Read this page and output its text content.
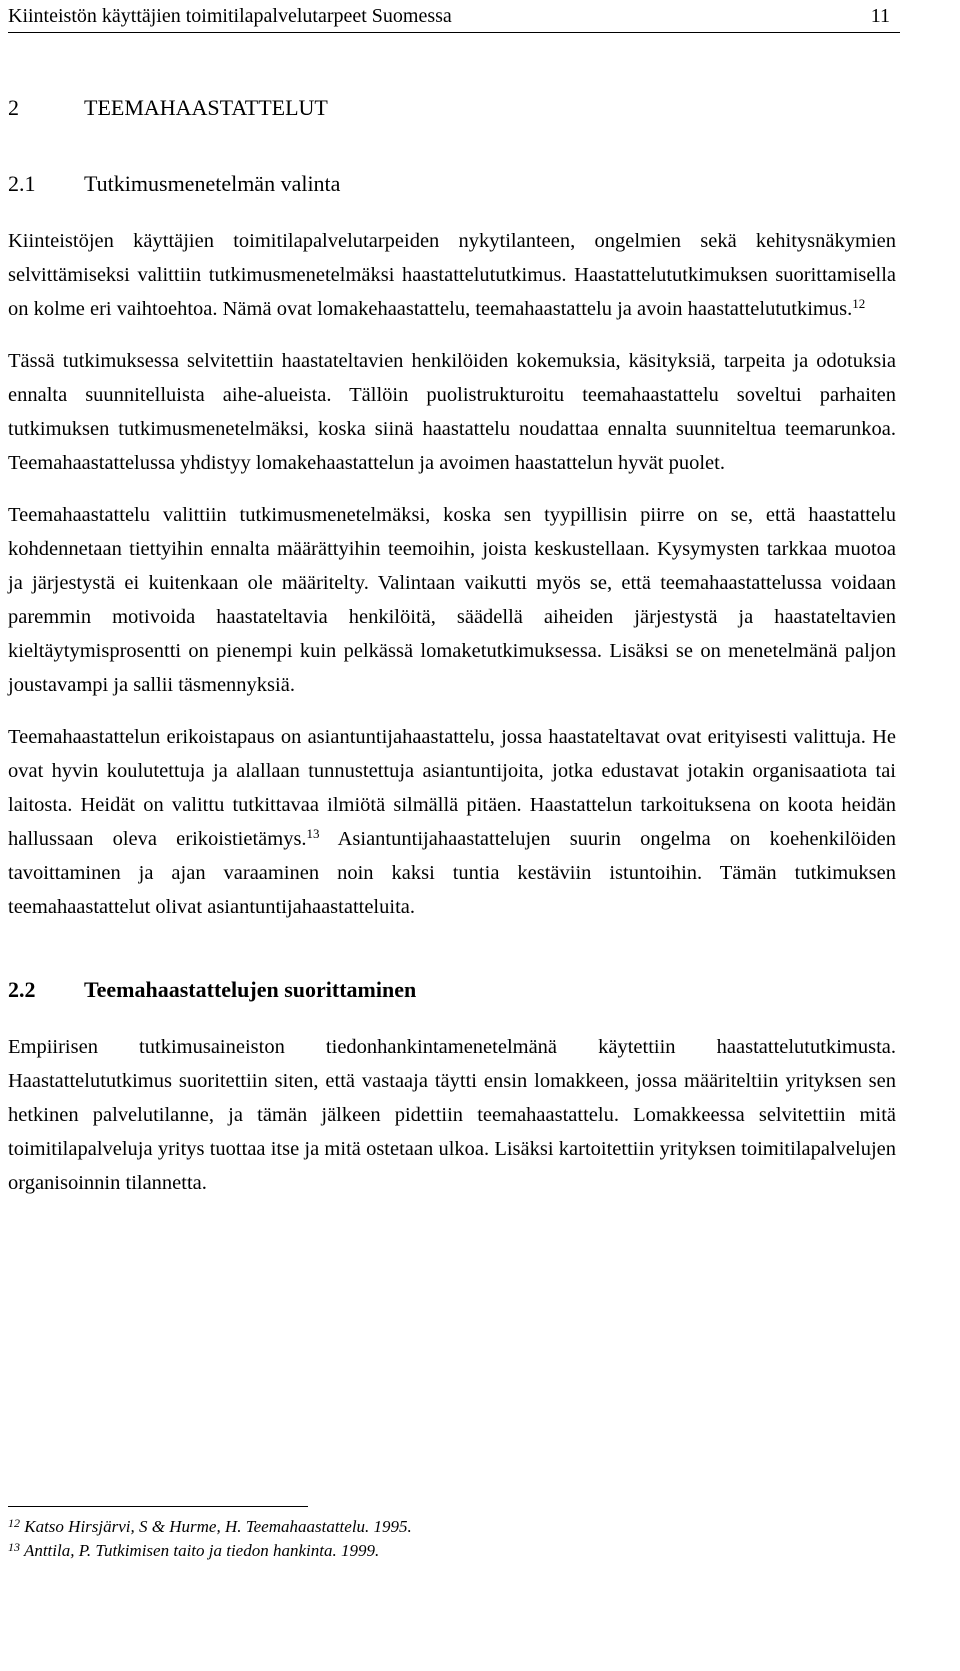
Kiinteistön käyttäjien toimitilapalvelutarpeet Suomessa	11
2	TEEMAHAASTATTELUT
2.1	Tutkimusmenetelmän valinta

Kiinteistöjen käyttäjien toimitilapalvelutarpeiden nykytilanteen, ongelmien sekä kehitysnäkymien selvittämiseksi valittiin tutkimusmenetelmäksi haastattelututkimus. Haastattelututkimuksen suorittamisella on kolme eri vaihtoehtoa. Nämä ovat lomakehaastattelu, teemahaastattelu ja avoin haastattelututkimus.$^{12}$

Tässä tutkimuksessa selvitettiin haastateltavien henkilöiden kokemuksia, käsityksiä, tarpeita ja odotuksia ennalta suunnitelluista aihe-alueista. Tällöin puolistrukturoitu teemahaastattelu soveltui parhaiten tutkimuksen tutkimusmenetelmäksi, koska siinä haastattelu noudattaa ennalta suunniteltua teemarunkoa. Teemahaastattelussa yhdistyy lomakehaastattelun ja avoimen haastattelun hyvät puolet.

Teemahaastattelu valittiin tutkimusmenetelmäksi, koska sen tyypillisin piirre on se, että haastattelu kohdennetaan tiettyihin ennalta määrättyihin teemoihin, joista keskustellaan. Kysymysten tarkkaa muotoa ja järjestystä ei kuitenkaan ole määritelty. Valintaan vaikutti myös se, että teemahaastattelussa voidaan paremmin motivoida haastateltavia henkilöitä, säädellä aiheiden järjestystä ja haastateltavien kieltäytymisprosentti on pienempi kuin pelkässä lomaketutkimuksessa. Lisäksi se on menetelmänä paljon joustavampi ja sallii täsmennyksiä.

Teemahaastattelun erikoistapaus on asiantuntijahaastattelu, jossa haastateltavat ovat erityisesti valittuja. He ovat hyvin koulutettuja ja alallaan tunnustettuja asiantuntijoita, jotka edustavat jotakin organisaatiota tai laitosta. Heidät on valittu tutkittavaa ilmiötä silmällä pitäen. Haastattelun tarkoituksena on koota heidän hallussaan oleva erikoistietämys.$^{13}$ Asiantuntijahaastattelujen suurin ongelma on koehenkilöiden tavoittaminen ja ajan varaaminen noin kaksi tuntia kestäviin istuntoihin. Tämän tutkimuksen teemahaastattelut olivat asiantuntijahaastatteluita.

2.2	Teemahaastattelujen suorittaminen

Empiirisen tutkimusaineiston tiedonhankintamenetelmänä käytettiin haastattelututkimusta. Haastattelututkimus suoritettiin siten, että vastaaja täytti ensin lomakkeen, jossa määriteltiin yrityksen sen hetkinen palvelutilanne, ja tämän jälkeen pidettiin teemahaastattelu. Lomakkeessa selvitettiin mitä toimitilapalveluja yritys tuottaa itse ja mitä ostetaan ulkoa. Lisäksi kartoitettiin yrityksen toimitilapalvelujen organisoinnin tilannetta.

$^{12}$ Katso Hirsjärvi, S & Hurme, H. Teemahaastattelu. 1995.
$^{13}$ Anttila, P. Tutkimisen taito ja tiedon hankinta. 1999.
